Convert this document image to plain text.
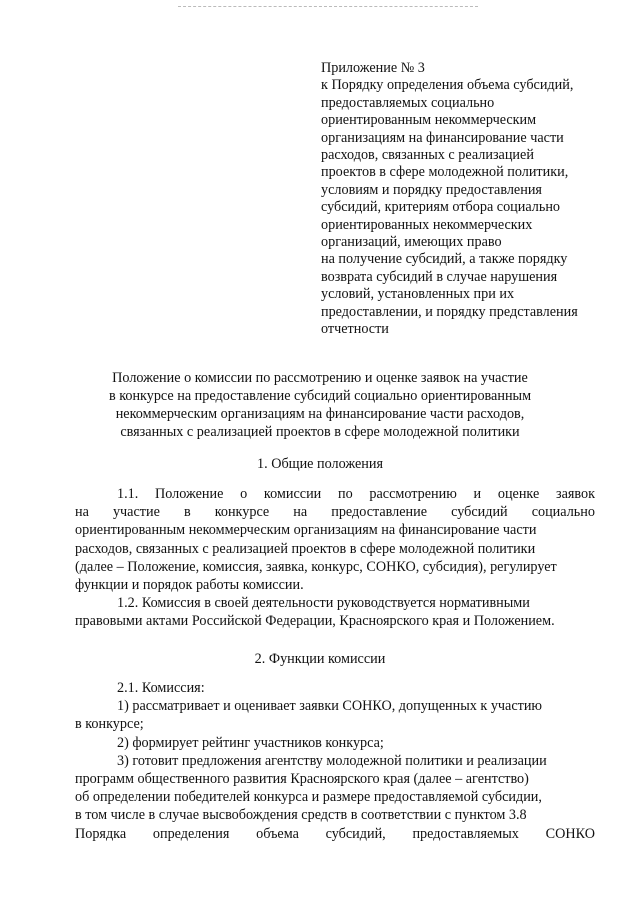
Приложение № 3
к Порядку определения объема субсидий,
предоставляемых социально
ориентированным некоммерческим
организациям на финансирование части
расходов, связанных с реализацией
проектов в сфере молодежной политики,
условиям и порядку предоставления
субсидий, критериям отбора социально
ориентированных некоммерческих
организаций, имеющих право
на получение субсидий, а также порядку
возврата субсидий в случае нарушения
условий, установленных при их
предоставлении, и порядку представления
отчетности
Положение о комиссии по рассмотрению и оценке заявок на участие
в конкурсе на предоставление субсидий социально ориентированным
некоммерческим организациям на финансирование части расходов,
связанных с реализацией проектов в сфере молодежной политики
1. Общие положения
1.1. Положение о комиссии по рассмотрению и оценке заявок
на участие в конкурсе на предоставление субсидий социально
ориентированным некоммерческим организациям на финансирование части
расходов, связанных с реализацией проектов в сфере молодежной политики
(далее – Положение, комиссия, заявка, конкурс, СОНКО, субсидия), регулирует
функции и порядок работы комиссии.
1.2. Комиссия в своей деятельности руководствуется нормативными
правовыми актами Российской Федерации, Красноярского края и Положением.
2. Функции комиссии
2.1. Комиссия:
1) рассматривает и оценивает заявки СОНКО, допущенных к участию
в конкурсе;
2) формирует рейтинг участников конкурса;
3) готовит предложения агентству молодежной политики и реализации
программ общественного развития Красноярского края (далее – агентство)
об определении победителей конкурса и размере предоставляемой субсидии,
в том числе в случае высвобождения средств в соответствии с пунктом 3.8
Порядка определения объема субсидий, предоставляемых СОНКО
